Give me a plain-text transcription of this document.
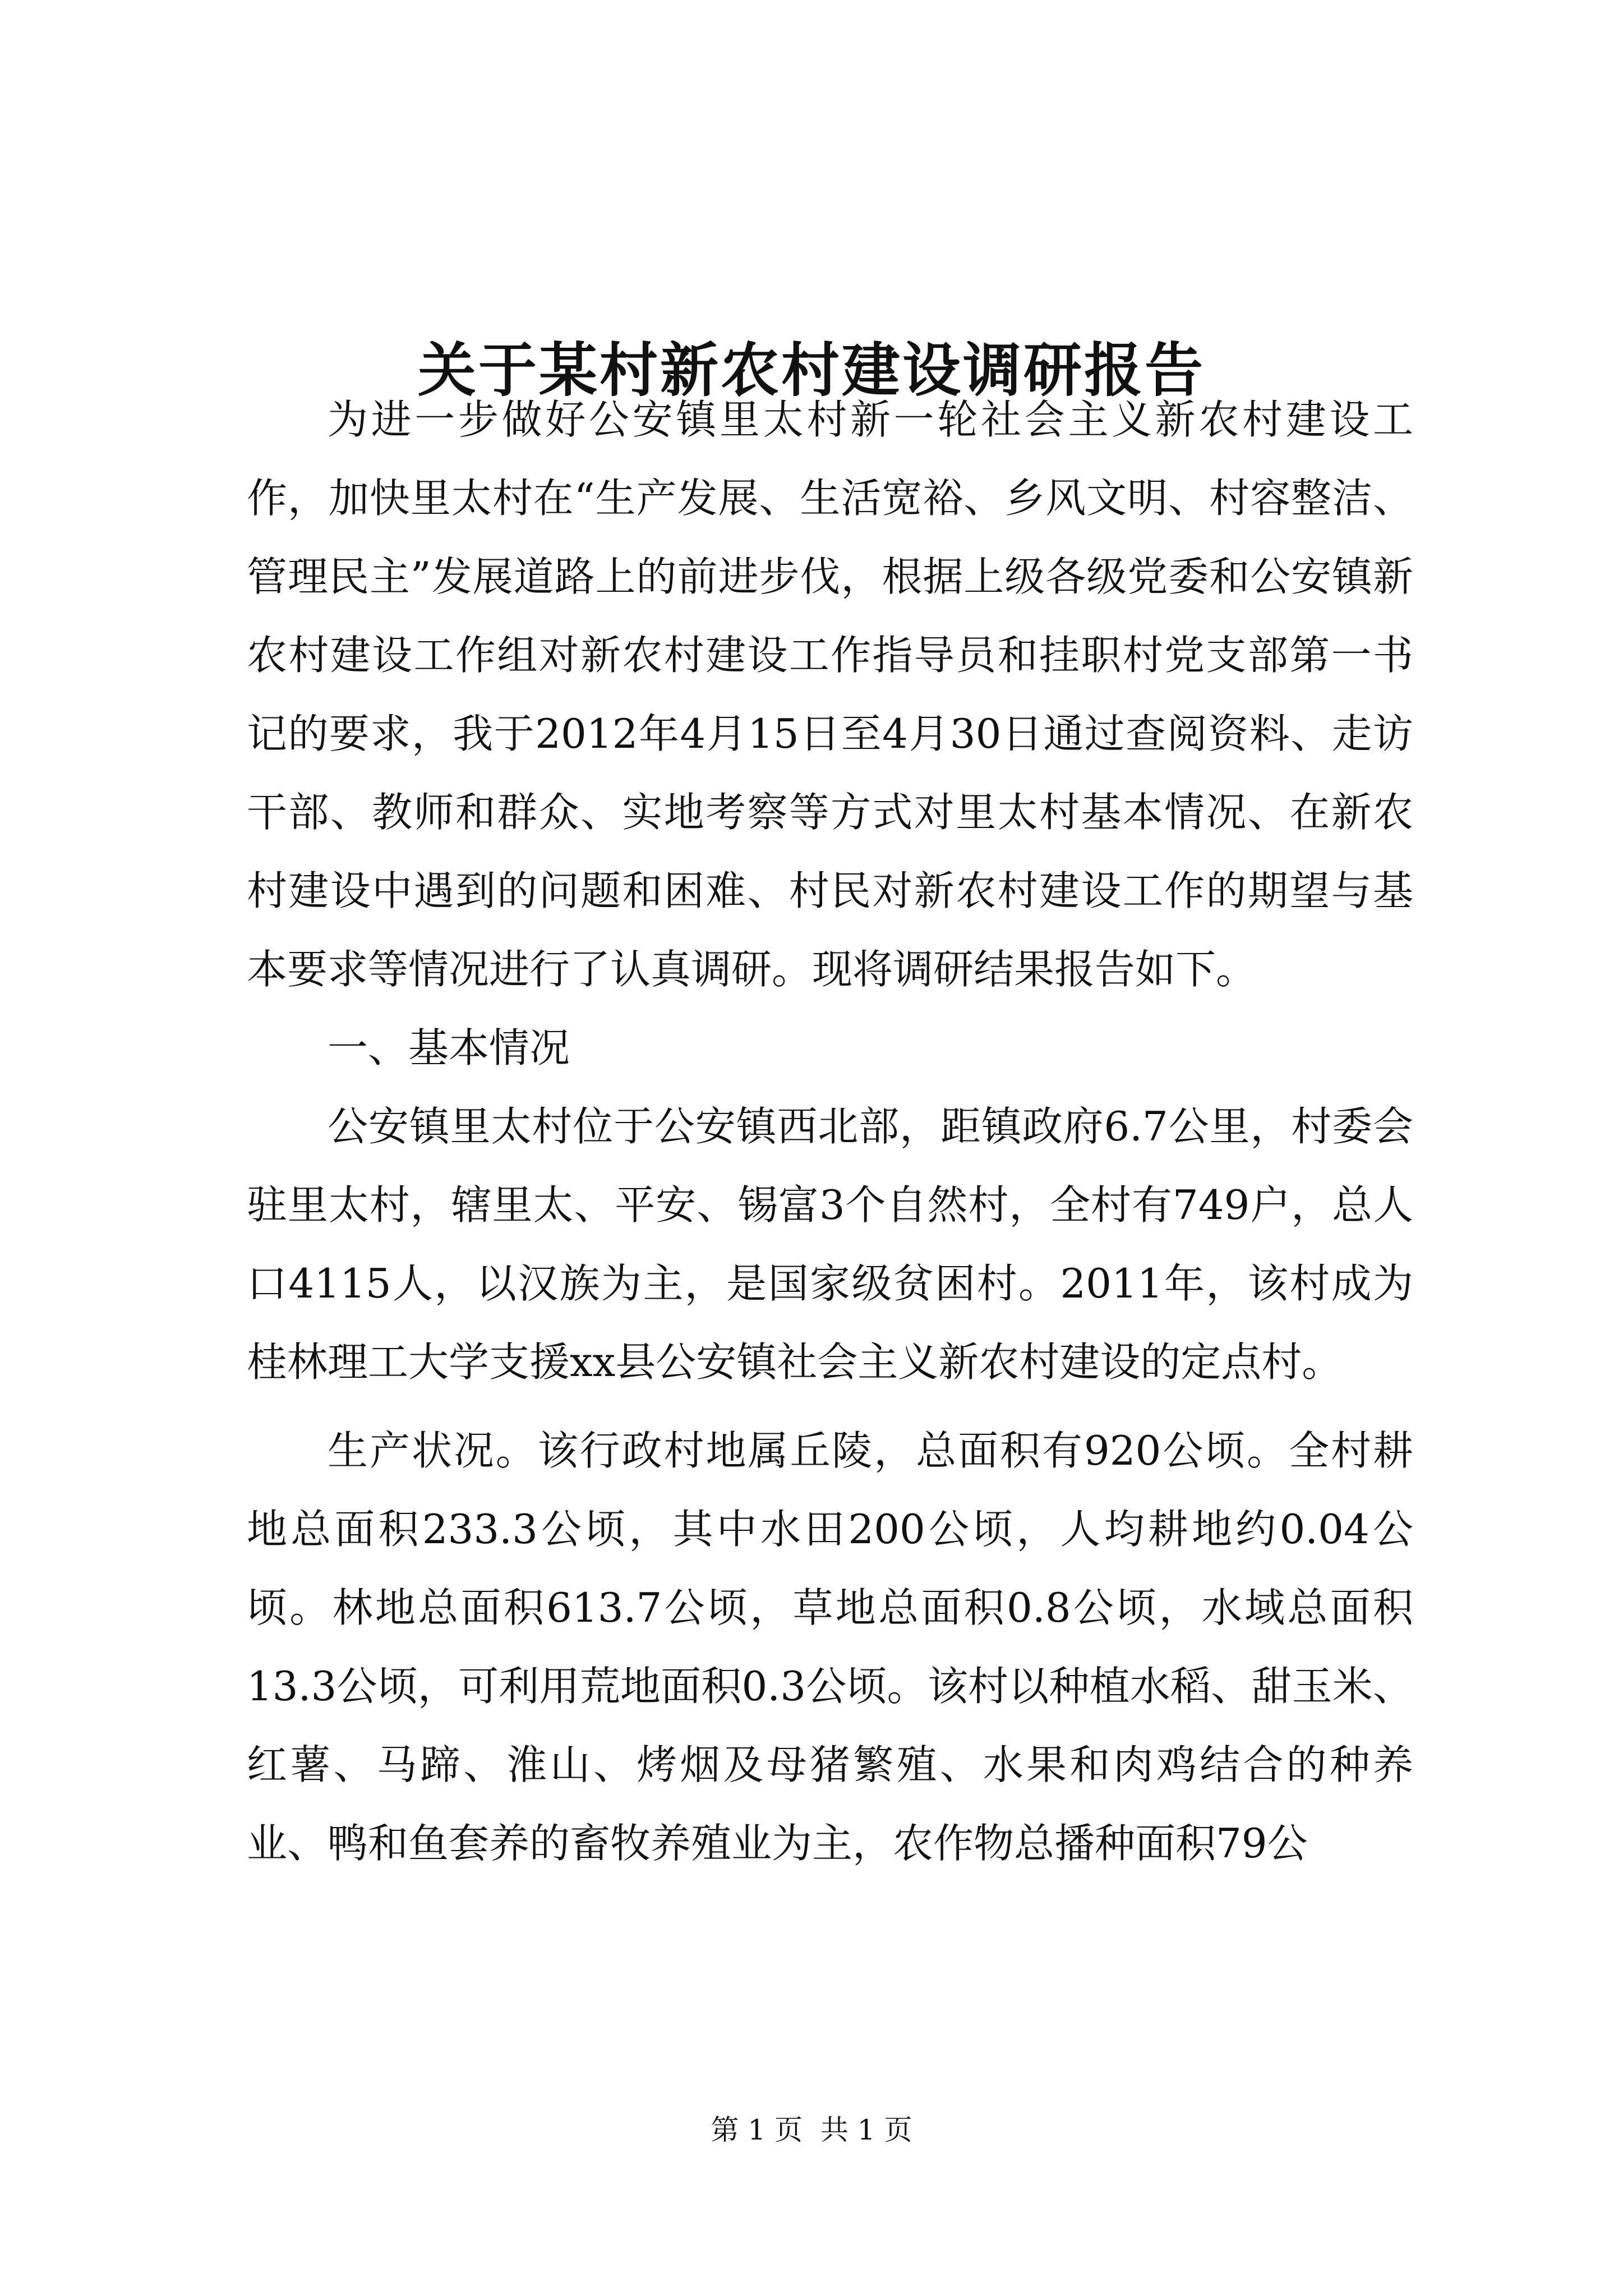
关于某村新农村建设调研报告

为进一步做好公安镇里太村新一轮社会主义新农村建设工作，加快里太村在“生产发展、生活宽裕、乡风文明、村容整洁、管理民主”发展道路上的前进步伐，根据上级各级党委和公安镇新农村建设工作组对新农村建设工作指导员和挂职村党支部第一书记的要求，我于2012年4月15日至4月30日通过查阅资料、走访干部、教师和群众、实地考察等方式对里太村基本情况、在新农村建设中遇到的问题和困难、村民对新农村建设工作的期望与基本要求等情况进行了认真调研。现将调研结果报告如下。

一、基本情况

公安镇里太村位于公安镇西北部，距镇政府6.7公里，村委会驻里太村，辖里太、平安、锡富3个自然村，全村有749户，总人口4115人，以汉族为主，是国家级贫困村。2011年，该村成为桂林理工大学支援xx县公安镇社会主义新农村建设的定点村。

生产状况。该行政村地属丘陵，总面积有920公顷。全村耕地总面积233.3公顷，其中水田200公顷，人均耕地约0.04公顷。林地总面积613.7公顷，草地总面积0.8公顷，水域总面积13.3公顷，可利用荒地面积0.3公顷。该村以种植水稻、甜玉米、红薯、马蹄、淮山、烤烟及母猪繁殖、水果和肉鸡结合的种养业、鸭和鱼套养的畜牧养殖业为主，农作物总播种面积79公

第 1 页  共 1 页
